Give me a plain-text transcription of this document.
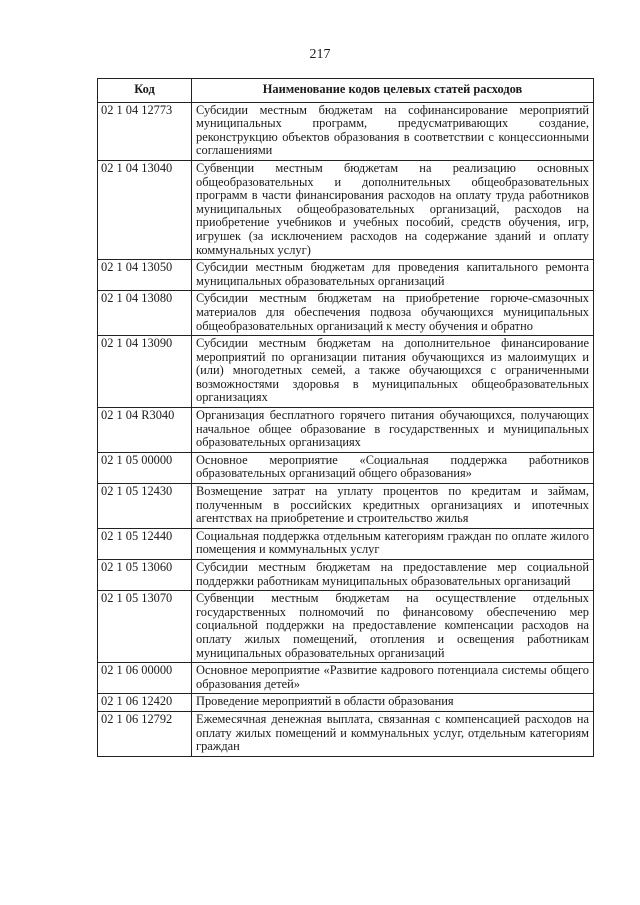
217
Код	Наименование кодов целевых статей расходов
02 1 04 12773	Субсидии местным бюджетам на софинансирование мероприятий муниципальных программ, предусматривающих создание, реконструкцию объектов образования в соответствии с концессионными соглашениями
02 1 04 13040	Субвенции местным бюджетам на реализацию основных общеобразовательных и дополнительных общеобразовательных программ в части финансирования расходов на оплату труда работников муниципальных общеобразовательных организаций, расходов на приобретение учебников и учебных пособий, средств обучения, игр, игрушек (за исключением расходов на содержание зданий и оплату коммунальных услуг)
02 1 04 13050	Субсидии местным бюджетам для проведения капитального ремонта муниципальных образовательных организаций
02 1 04 13080	Субсидии местным бюджетам на приобретение горюче-смазочных материалов для обеспечения подвоза обучающихся муниципальных общеобразовательных организаций к месту обучения и обратно
02 1 04 13090	Субсидии местным бюджетам на дополнительное финансирование мероприятий по организации питания обучающихся из малоимущих и (или) многодетных семей, а также обучающихся с ограниченными возможностями здоровья в муниципальных общеобразовательных организациях
02 1 04 R3040	Организация бесплатного горячего питания обучающихся, получающих начальное общее образование в государственных и муниципальных образовательных организациях
02 1 05 00000	Основное мероприятие «Социальная поддержка работников образовательных организаций общего образования»
02 1 05 12430	Возмещение затрат на уплату процентов по кредитам и займам, полученным в российских кредитных организациях и ипотечных агентствах на приобретение и строительство жилья
02 1 05 12440	Социальная поддержка отдельным категориям граждан по оплате жилого помещения и коммунальных услуг
02 1 05 13060	Субсидии местным бюджетам на предоставление мер социальной поддержки работникам муниципальных образовательных организаций
02 1 05 13070	Субвенции местным бюджетам на осуществление отдельных государственных полномочий по финансовому обеспечению мер социальной поддержки на предоставление компенсации расходов на оплату жилых помещений, отопления и освещения работникам муниципальных образовательных организаций
02 1 06 00000	Основное мероприятие «Развитие кадрового потенциала системы общего образования детей»
02 1 06 12420	Проведение мероприятий в области образования
02 1 06 12792	Ежемесячная денежная выплата, связанная с компенсацией расходов на оплату жилых помещений и коммунальных услуг, отдельным категориям граждан
